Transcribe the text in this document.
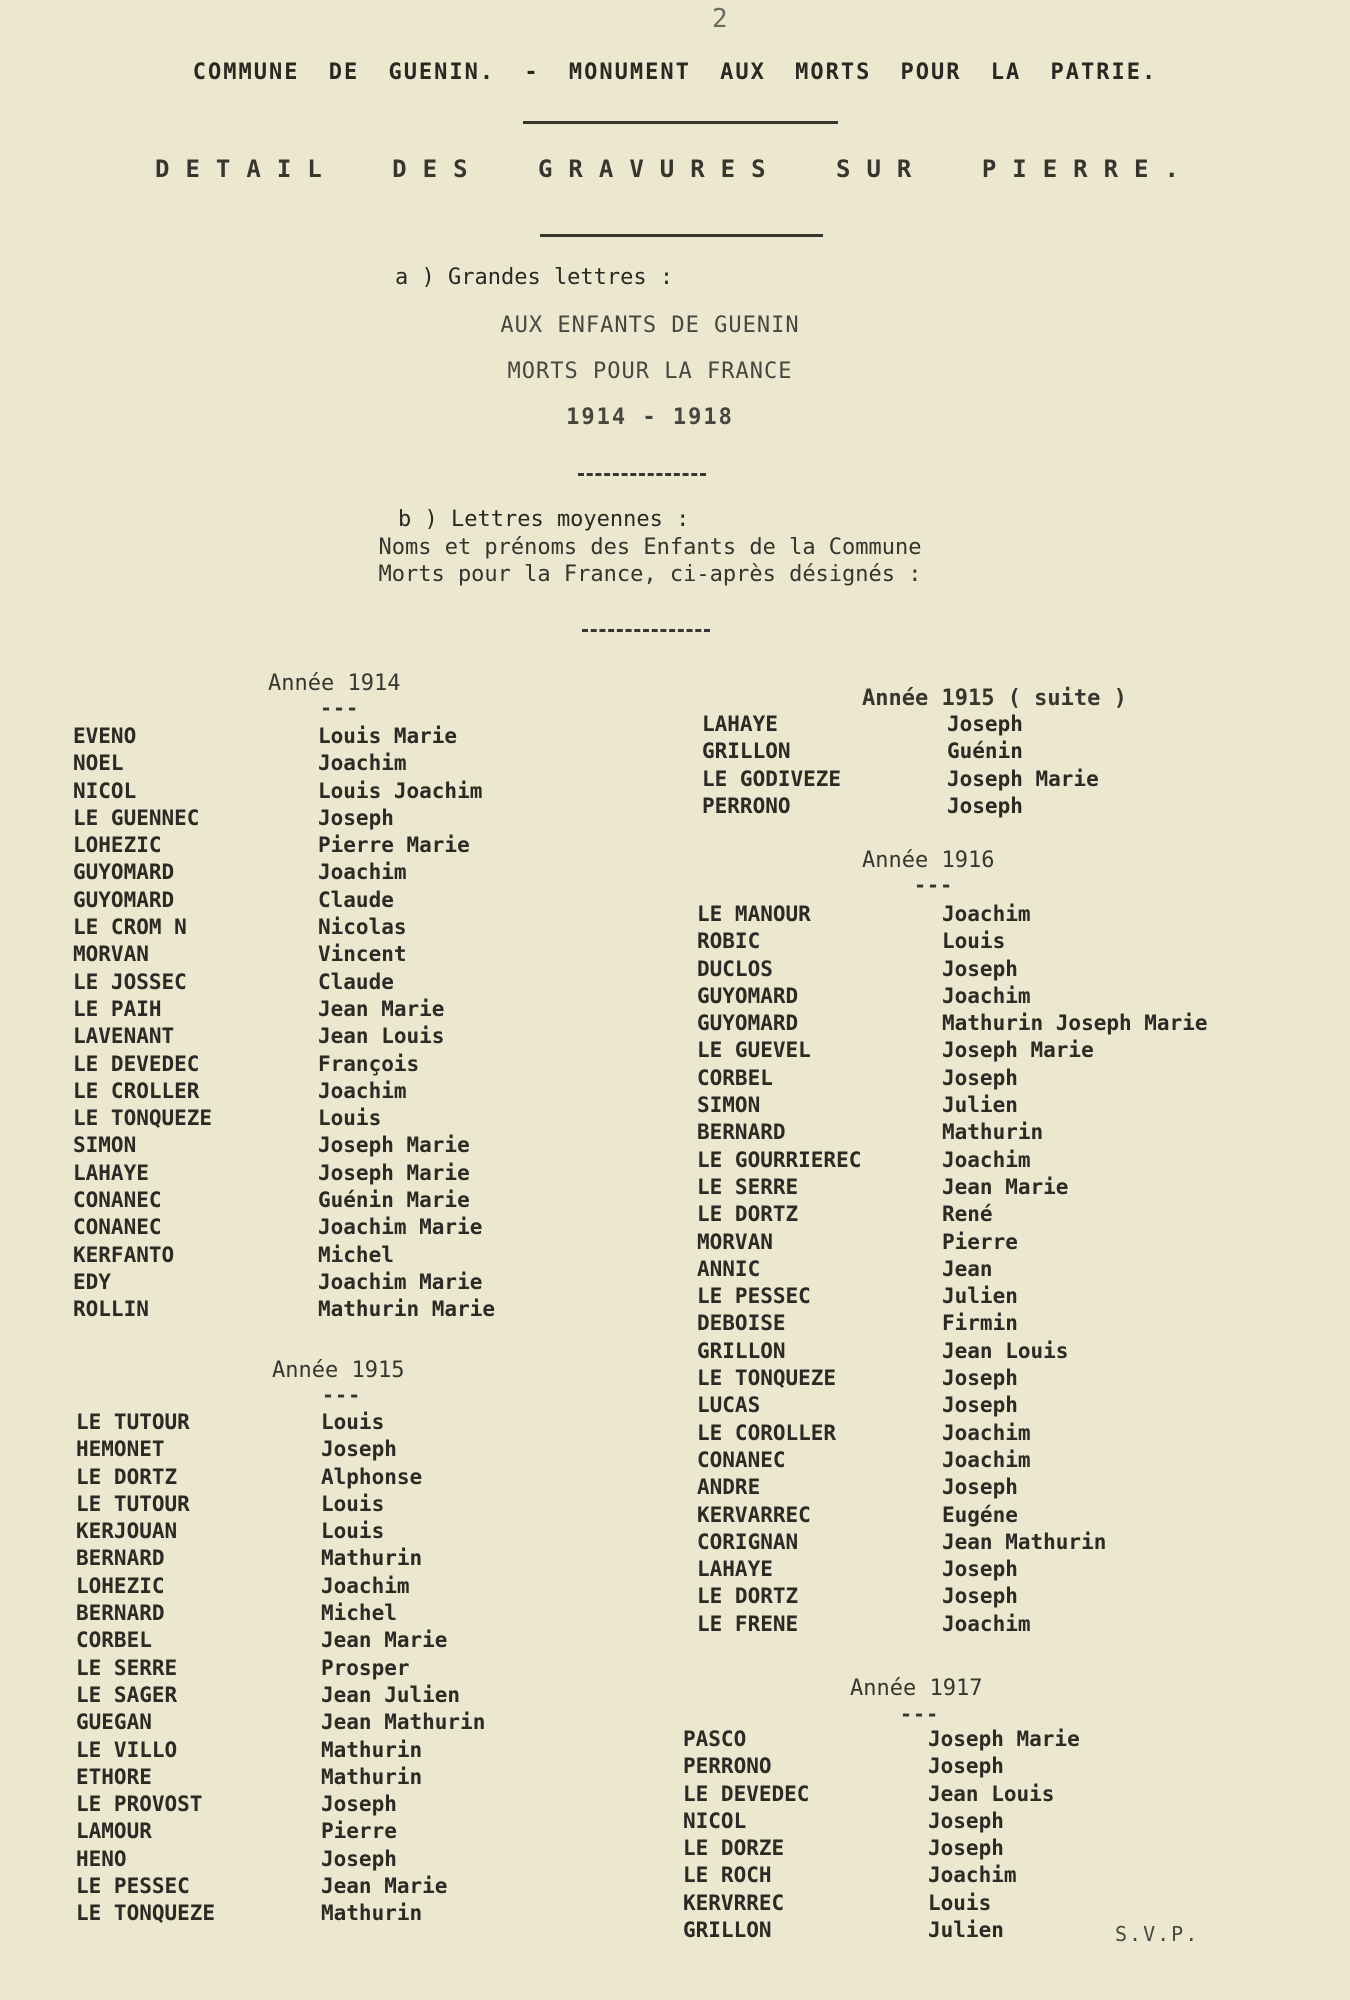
2
COMMUNE DE GUENIN. - MONUMENT AUX MORTS POUR LA PATRIE.
DETAIL DES GRAVURES SUR PIERRE.
a ) Grandes lettres :
AUX ENFANTS DE GUENIN
MORTS POUR LA FRANCE
1914 - 1918
b ) Lettres moyennes :
Noms et prénoms des Enfants de la Commune
Morts pour la France, ci-après désignés :
Année 1914
---
EVENO	Louis Marie
NOEL	Joachim
NICOL	Louis Joachim
LE GUENNEC	Joseph
LOHEZIC	Pierre Marie
GUYOMARD	Joachim
GUYOMARD	Claude
LE CROM N	Nicolas
MORVAN	Vincent
LE JOSSEC	Claude
LE PAIH	Jean Marie
LAVENANT	Jean Louis
LE DEVEDEC	François
LE CROLLER	Joachim
LE TONQUEZE	Louis
SIMON	Joseph Marie
LAHAYE	Joseph Marie
CONANEC	Guénin Marie
CONANEC	Joachim Marie
KERFANTO	Michel
EDY	Joachim Marie
ROLLIN	Mathurin Marie
Année 1915
---
LE TUTOUR	Louis
HEMONET	Joseph
LE DORTZ	Alphonse
LE TUTOUR	Louis
KERJOUAN	Louis
BERNARD	Mathurin
LOHEZIC	Joachim
BERNARD	Michel
CORBEL	Jean Marie
LE SERRE	Prosper
LE SAGER	Jean Julien
GUEGAN	Jean Mathurin
LE VILLO	Mathurin
ETHORE	Mathurin
LE PROVOST	Joseph
LAMOUR	Pierre
HENO	Joseph
LE PESSEC	Jean Marie
LE TONQUEZE	Mathurin
Année 1915 ( suite )
LAHAYE	Joseph
GRILLON	Guénin
LE GODIVEZE	Joseph Marie
PERRONO	Joseph
Année 1916
---
LE MANOUR	Joachim
ROBIC	Louis
DUCLOS	Joseph
GUYOMARD	Joachim
GUYOMARD	Mathurin Joseph Marie
LE GUEVEL	Joseph Marie
CORBEL	Joseph
SIMON	Julien
BERNARD	Mathurin
LE GOURRIEREC	Joachim
LE SERRE	Jean Marie
LE DORTZ	René
MORVAN	Pierre
ANNIC	Jean
LE PESSEC	Julien
DEBOISE	Firmin
GRILLON	Jean Louis
LE TONQUEZE	Joseph
LUCAS	Joseph
LE COROLLER	Joachim
CONANEC	Joachim
ANDRE	Joseph
KERVARREC	Eugéne
CORIGNAN	Jean Mathurin
LAHAYE	Joseph
LE DORTZ	Joseph
LE FRENE	Joachim
Année 1917
---
PASCO	Joseph Marie
PERRONO	Joseph
LE DEVEDEC	Jean Louis
NICOL	Joseph
LE DORZE	Joseph
LE ROCH	Joachim
KERVRREC	Louis
GRILLON	Julien	S.V.P.
